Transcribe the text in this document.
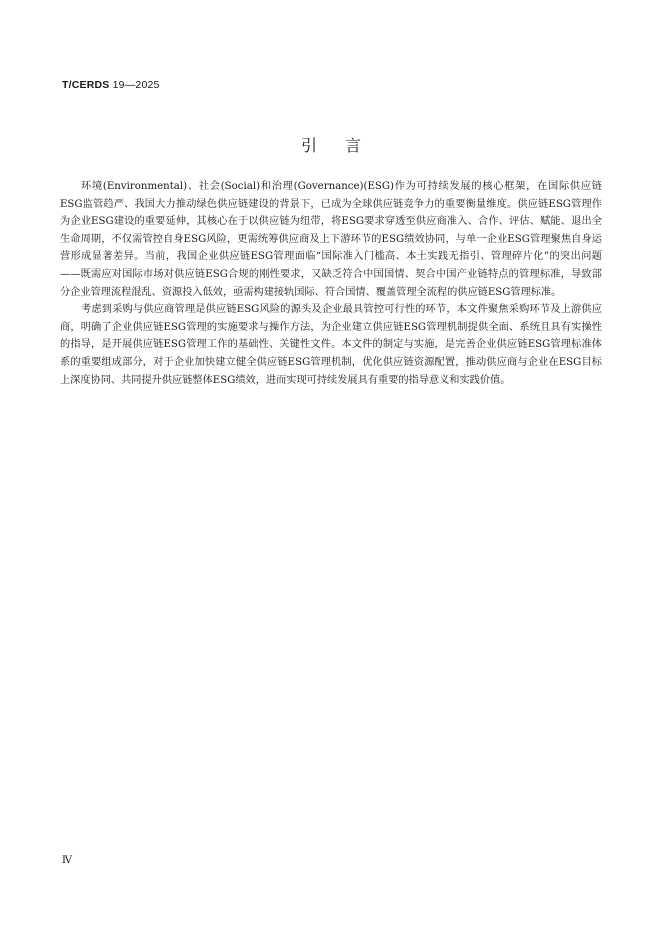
T/CERDS 19—2025
引言

环境(Environmental)、社会(Social)和治理(Governance)(ESG)作为可持续发展的核心框架，在国际供应链ESG监管趋严、我国大力推动绿色供应链建设的背景下，已成为全球供应链竞争力的重要衡量维度。供应链ESG管理作为企业ESG建设的重要延伸，其核心在于以供应链为纽带，将ESG要求穿透至供应商准入、合作、评估、赋能、退出全生命周期，不仅需管控自身ESG风险，更需统筹供应商及上下游环节的ESG绩效协同，与单一企业ESG管理聚焦自身运营形成显著差异。当前，我国企业供应链ESG管理面临“国际准入门槛高、本土实践无指引、管理碎片化”的突出问题——既需应对国际市场对供应链ESG合规的刚性要求，又缺乏符合中国国情、契合中国产业链特点的管理标准，导致部分企业管理流程混乱、资源投入低效，亟需构建接轨国际、符合国情、覆盖管理全流程的供应链ESG管理标准。

考虑到采购与供应商管理是供应链ESG风险的源头及企业最具管控可行性的环节，本文件聚焦采购环节及上游供应商，明确了企业供应链ESG管理的实施要求与操作方法，为企业建立供应链ESG管理机制提供全面、系统且具有实操性的指导，是开展供应链ESG管理工作的基础性、关键性文件。本文件的制定与实施，是完善企业供应链ESG管理标准体系的重要组成部分，对于企业加快建立健全供应链ESG管理机制，优化供应链资源配置，推动供应商与企业在ESG目标上深度协同、共同提升供应链整体ESG绩效，进而实现可持续发展具有重要的指导意义和实践价值。

Ⅳ
